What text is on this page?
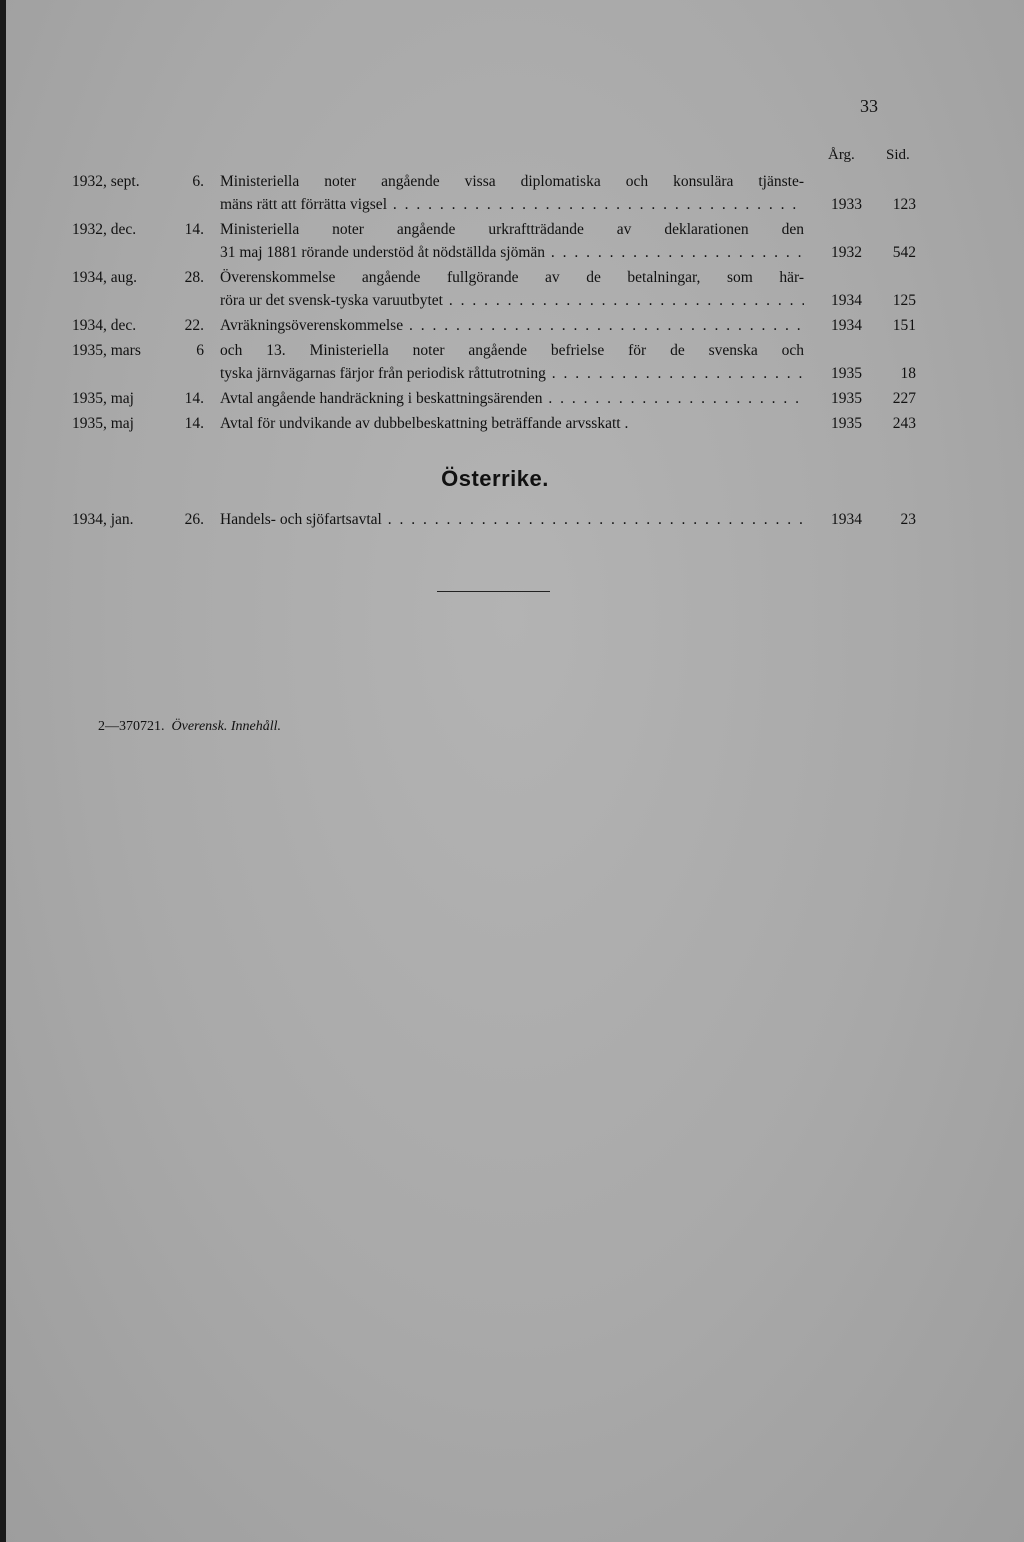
33
Årg. Sid.
1932, sept.	6. Ministeriella noter angående vissa diplomatiska och konsulära tjänste-
mäns rätt att förrätta vigsel . . .	1933	123
1932, dec.	14. Ministeriella noter angående urkraftträdande av deklarationen den
31 maj 1881 rörande understöd åt nödställda sjömän . . .	1932	542
1934, aug.	28. Överenskommelse angående fullgörande av de betalningar, som här-
röra ur det svensk-tyska varuutbytet . . .	1934	125
1934, dec.	22. Avräkningsöverenskommelse . . .	1934	151
1935, mars	6 och 13. Ministeriella noter angående befrielse för de svenska och
tyska järnvägarnas färjor från periodisk råttutrotning . . .	1935	18
1935, maj	14. Avtal angående handräckning i beskattningsärenden . . .	1935	227
1935, maj	14. Avtal för undvikande av dubbelbeskattning beträffande arvsskatt .	1935	243
Österrike.
1934, jan.	26. Handels- och sjöfartsavtal . . .	1934	23
2—370721. Överensk. Innehåll.
